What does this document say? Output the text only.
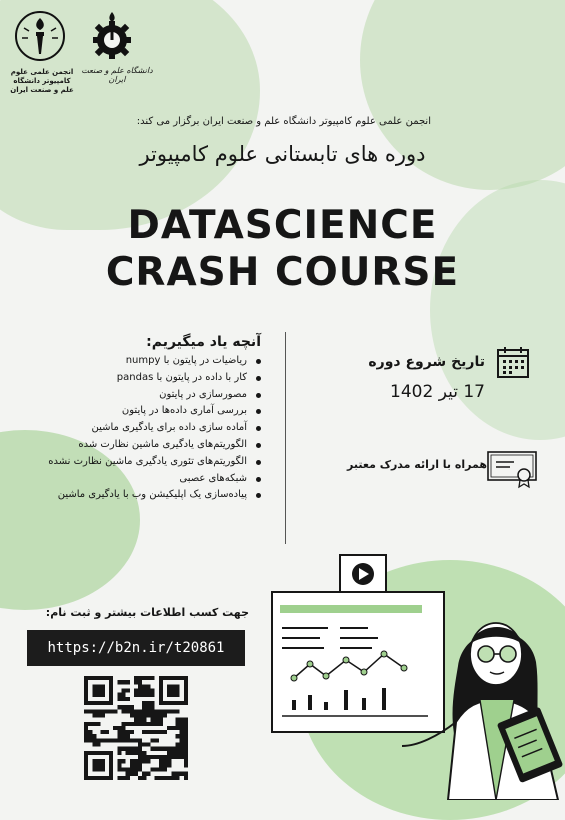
انجمن علمی علوم کامپیوتر دانشگاه علم و صنعت ایران
دانشگاه علم و صنعت ایران
انجمن علمی علوم کامپیوتر دانشگاه علم و صنعت ایران برگزار می کند:
دوره های تابستانی علوم کامپیوتر
DATASCIENCE
CRASH COURSE
آنچه یاد میگیریم:
ریاضیات در پایتون با numpy
کار با داده در پایتون با pandas
مصورسازی در پایتون
بررسی آماری داده‌ها در پایتون
آماده سازی داده برای یادگیری ماشین
الگوریتم‌های یادگیری ماشین نظارت شده
الگوریتم‌های تئوری یادگیری ماشین نظارت نشده
شبکه‌های عصبی
پیاده‌سازی یک اپلیکیشن وب با یادگیری ماشین
تاریخ شروع دوره
17 تیر 1402
همراه با ارائه مدرک معتبر
جهت کسب اطلاعات بیشتر و ثبت نام:
https://b2n.ir/t20861
